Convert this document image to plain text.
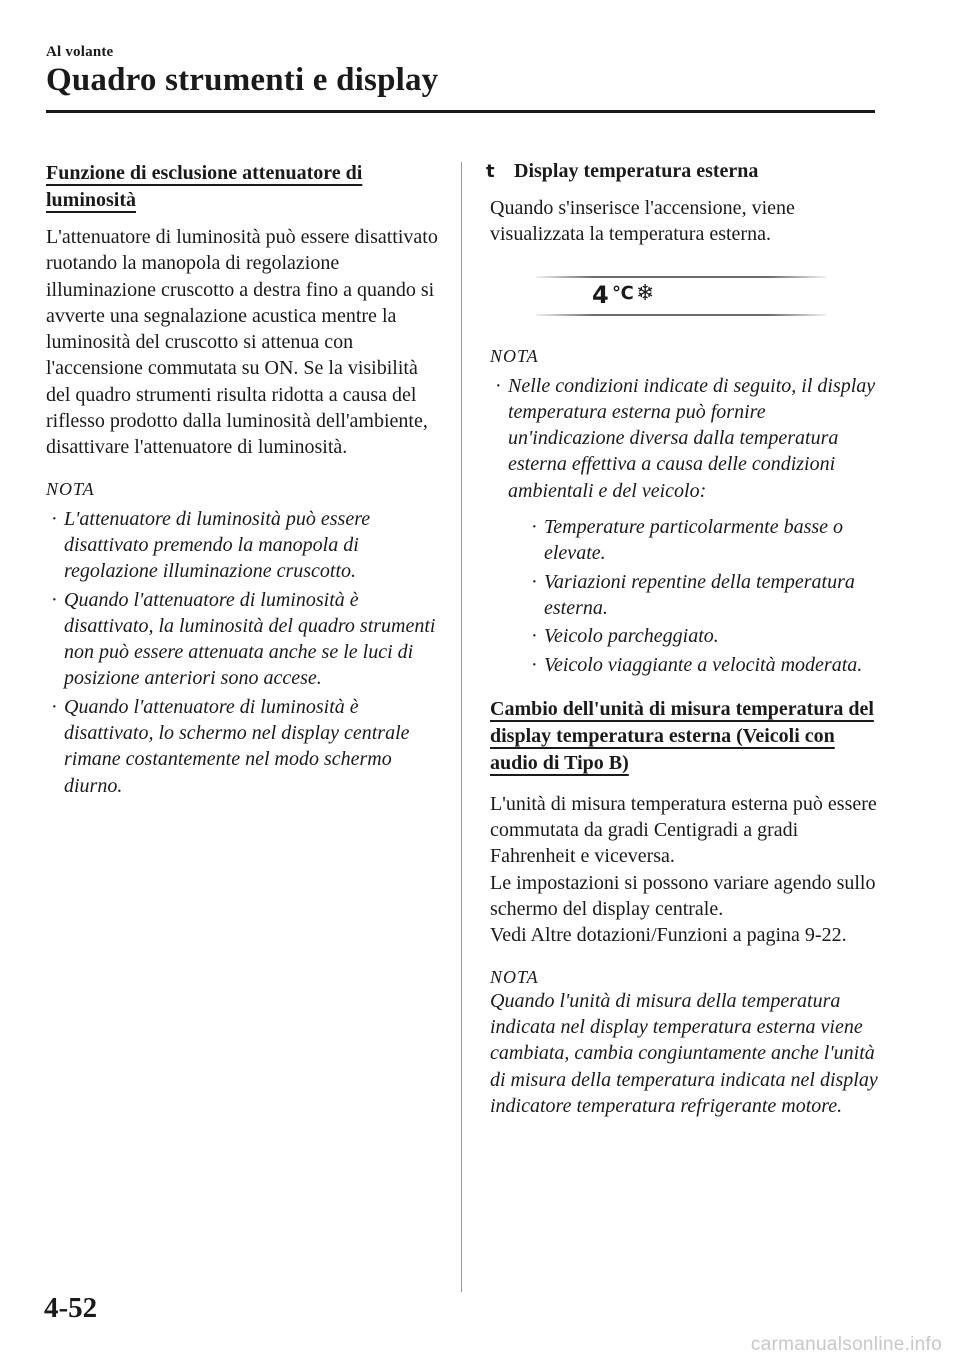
Al volante
Quadro strumenti e display
Funzione di esclusione attenuatore di luminosità

L'attenuatore di luminosità può essere disattivato ruotando la manopola di regolazione illuminazione cruscotto a destra fino a quando si avverte una segnalazione acustica mentre la luminosità del cruscotto si attenua con l'accensione commutata su ON. Se la visibilità del quadro strumenti risulta ridotta a causa del riflesso prodotto dalla luminosità dell'ambiente, disattivare l'attenuatore di luminosità.

NOTA
· L'attenuatore di luminosità può essere disattivato premendo la manopola di regolazione illuminazione cruscotto.
· Quando l'attenuatore di luminosità è disattivato, la luminosità del quadro strumenti non può essere attenuata anche se le luci di posizione anteriori sono accese.
· Quando l'attenuatore di luminosità è disattivato, lo schermo nel display centrale rimane costantemente nel modo schermo diurno.
t Display temperatura esterna

Quando s'inserisce l'accensione, viene visualizzata la temperatura esterna.

4 ℃ ❄
NOTA
· Nelle condizioni indicate di seguito, il display temperatura esterna può fornire un'indicazione diversa dalla temperatura esterna effettiva a causa delle condizioni ambientali e del veicolo:
· Temperature particolarmente basse o elevate.
· Variazioni repentine della temperatura esterna.
· Veicolo parcheggiato.
· Veicolo viaggiante a velocità moderata.
Cambio dell'unità di misura temperatura del display temperatura esterna (Veicoli con audio di Tipo B)

L'unità di misura temperatura esterna può essere commutata da gradi Centigradi a gradi Fahrenheit e viceversa.

Le impostazioni si possono variare agendo sullo schermo del display centrale.

Vedi Altre dotazioni/Funzioni a pagina 9-22.

NOTA
Quando l'unità di misura della temperatura indicata nel display temperatura esterna viene cambiata, cambia congiuntamente anche l'unità di misura della temperatura indicata nel display indicatore temperatura refrigerante motore.
4-52
carmanualsonline.info
